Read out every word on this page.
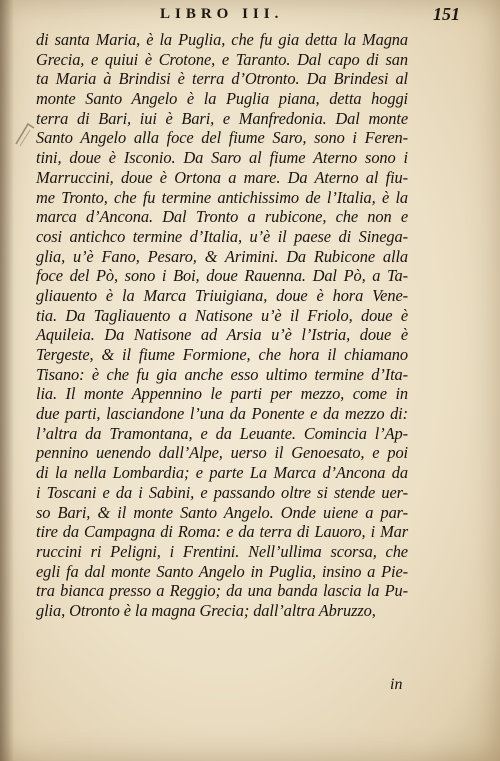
LIBRO III.	151
di santa Maria, è la Puglia, che fu gia detta la Magna
Grecia, e quiui è Crotone, e Taranto. Dal capo di san
ta Maria à Brindisi è terra d’Otronto. Da Brindesi al
monte Santo Angelo è la Puglia piana, detta hoggi
terra di Bari, iui è Bari, e Manfredonia. Dal monte
Santo Angelo alla foce del fiume Saro, sono i Feren-
tini, doue è Isconio. Da Saro al fiume Aterno sono i
Marruccini, doue è Ortona a mare. Da Aterno al fiu-
me Tronto, che fu termine antichissimo de l’Italia, è la
marca d’Ancona. Dal Tronto a rubicone, che non e
cosi antichco termine d’Italia, u’è il paese di Sinega-
glia, u’è Fano, Pesaro, & Arimini. Da Rubicone alla
foce del Pò, sono i Boi, doue Rauenna. Dal Pò, a Ta-
gliauento è la Marca Triuigiana, doue è hora Vene-
tia. Da Tagliauento a Natisone u’è il Friolo, doue è
Aquileia. Da Natisone ad Arsia u’è l’Istria, doue è
Tergeste, & il fiume Formione, che hora il chiamano
Tisano: è che fu gia anche esso ultimo termine d’Ita-
lia. Il monte Appennino le parti per mezzo, come in
due parti, lasciandone l’una da Ponente e da mezzo di:
l’altra da Tramontana, e da Leuante. Comincia l’Ap-
pennino uenendo dall’Alpe, uerso il Genoesato, e poi
di la nella Lombardia; e parte La Marca d’Ancona da
i Toscani e da i Sabini, e passando oltre si stende uer-
so Bari, & il monte Santo Angelo. Onde uiene a par-
tire da Campagna di Roma: e da terra di Lauoro, i Mar
ruccini ri Peligni, i Frentini. Nell’ullima scorsa, che
egli fa dal monte Santo Angelo in Puglia, insino a Pie-
tra bianca presso a Reggio; da una banda lascia la Pu-
glia, Otronto è la magna Grecia; dall’altra Abruzzo,
in
